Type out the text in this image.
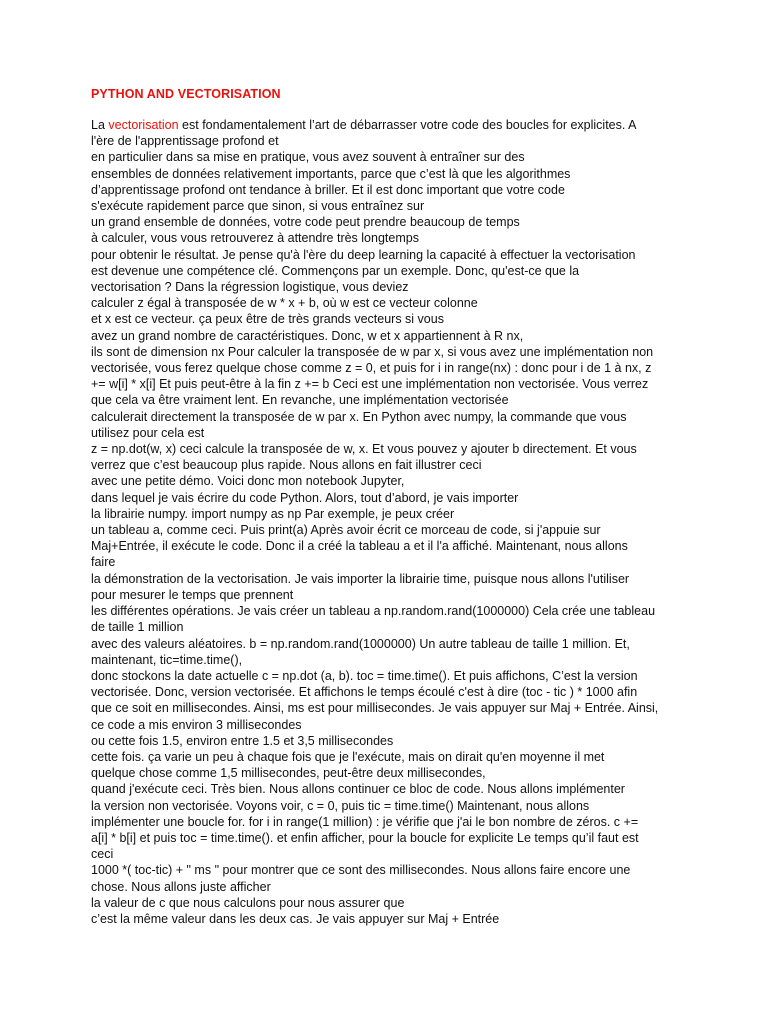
PYTHON AND VECTORISATION
La vectorisation est fondamentalement l’art de débarrasser votre code des boucles for explicites. A
l'ère de l'apprentissage profond et
en particulier dans sa mise en pratique, vous avez souvent à entraîner sur des
ensembles de données relativement importants, parce que c’est là que les algorithmes
d’apprentissage profond ont tendance à briller. Et il est donc important que votre code
s'exécute rapidement parce que sinon, si vous entraînez sur
un grand ensemble de données, votre code peut prendre beaucoup de temps
à calculer, vous vous retrouverez à attendre très longtemps
pour obtenir le résultat. Je pense qu'à l'ère du deep learning la capacité à effectuer la vectorisation
est devenue une compétence clé. Commençons par un exemple. Donc, qu'est-ce que la
vectorisation ? Dans la régression logistique, vous deviez
calculer z égal à transposée de w * x + b, où w est ce vecteur colonne
et x est ce vecteur. ça peux être de très grands vecteurs si vous
avez un grand nombre de caractéristiques. Donc, w et x appartiennent à R nx,
ils sont de dimension nx Pour calculer la transposée de w par x, si vous avez une implémentation non
vectorisée, vous ferez quelque chose comme z = 0, et puis for i in range(nx) : donc pour i de 1 à nx, z
+= w[i] * x[i] Et puis peut-être à la fin z += b Ceci est une implémentation non vectorisée. Vous verrez
que cela va être vraiment lent. En revanche, une implémentation vectorisée
calculerait directement la transposée de w par x. En Python avec numpy, la commande que vous
utilisez pour cela est
z = np.dot(w, x) ceci calcule la transposée de w, x. Et vous pouvez y ajouter b directement. Et vous
verrez que c’est beaucoup plus rapide. Nous allons en fait illustrer ceci
avec une petite démo. Voici donc mon notebook Jupyter,
dans lequel je vais écrire du code Python. Alors, tout d’abord, je vais importer
la librairie numpy. import numpy as np Par exemple, je peux créer
un tableau a, comme ceci. Puis print(a) Après avoir écrit ce morceau de code, si j'appuie sur
Maj+Entrée, il exécute le code. Donc il a créé la tableau a et il l'a affiché. Maintenant, nous allons
faire
la démonstration de la vectorisation. Je vais importer la librairie time, puisque nous allons l'utiliser
pour mesurer le temps que prennent
les différentes opérations. Je vais créer un tableau a np.random.rand(1000000) Cela crée une tableau
de taille 1 million
avec des valeurs aléatoires. b = np.random.rand(1000000) Un autre tableau de taille 1 million. Et,
maintenant, tic=time.time(),
donc stockons la date actuelle c = np.dot (a, b). toc = time.time(). Et puis affichons, C’est la version
vectorisée. Donc, version vectorisée. Et affichons le temps écoulé c'est à dire (toc - tic ) * 1000 afin
que ce soit en millisecondes. Ainsi, ms est pour millisecondes. Je vais appuyer sur Maj + Entrée. Ainsi,
ce code a mis environ 3 millisecondes
ou cette fois 1.5, environ entre 1.5 et 3,5 millisecondes
cette fois. ça varie un peu à chaque fois que je l'exécute, mais on dirait qu'en moyenne il met
quelque chose comme 1,5 millisecondes, peut-être deux millisecondes,
quand j'exécute ceci. Très bien. Nous allons continuer ce bloc de code. Nous allons implémenter
la version non vectorisée. Voyons voir, c = 0, puis tic = time.time() Maintenant, nous allons
implémenter une boucle for. for i in range(1 million) : je vérifie que j'ai le bon nombre de zéros. c +=
a[i] * b[i] et puis toc = time.time(). et enfin afficher, pour la boucle for explicite Le temps qu’il faut est
ceci
1000 *( toc-tic) + " ms " pour montrer que ce sont des millisecondes. Nous allons faire encore une
chose. Nous allons juste afficher
la valeur de c que nous calculons pour nous assurer que
c’est la même valeur dans les deux cas. Je vais appuyer sur Maj + Entrée
